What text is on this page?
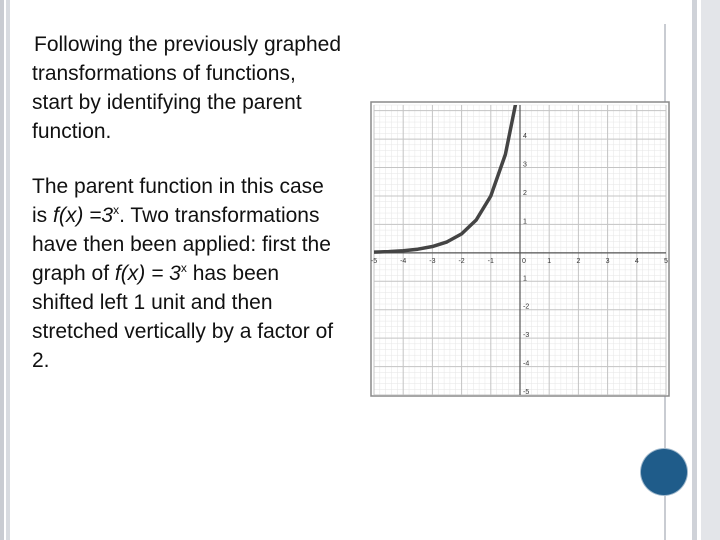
Following the previously graphed transformations of functions, start by identifying the parent function.

The parent function in this case is $f(x) =3^x$. Two transformations have then been applied: first the graph of $f(x) = 3^x$ has been shifted left 1 unit and then stretched vertically by a factor of 2.

-5	-4	-3	-2	-1	0	1	2	3	4	5
-5
-4
-3
-2
1
1
2
3
4
